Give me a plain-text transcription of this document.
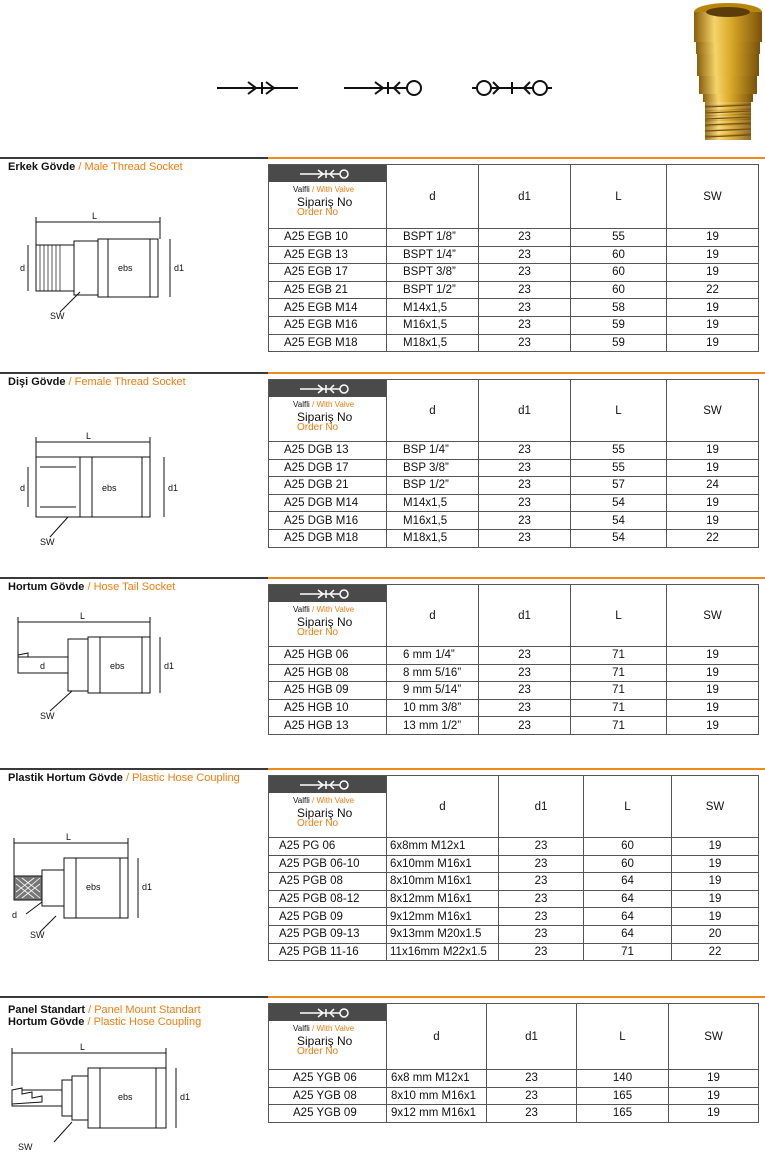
Erkek Gövde / Male Thread Socket
L
d	d1
SW
ebs
Valfli / With Valve
Sipariş No
Order No	d	d1	L	SW
A25 EGB 10	BSPT 1/8”	23	55	19
A25 EGB 13	BSPT 1/4”	23	60	19
A25 EGB 17	BSPT 3/8”	23	60	19
A25 EGB 21	BSPT 1/2”	23	60	22
A25 EGB M14	M14x1,5	23	58	19
A25 EGB M16	M16x1,5	23	59	19
A25 EGB M18	M18x1,5	23	59	19
Dişi Gövde / Female Thread Socket
L
d	d1
SW
ebs
Valfli / With Valve
Sipariş No
Order No	d	d1	L	SW
A25 DGB 13	BSP 1/4”	23	55	19
A25 DGB 17	BSP 3/8”	23	55	19
A25 DGB 21	BSP 1/2”	23	57	24
A25 DGB M14	M14x1,5	23	54	19
A25 DGB M16	M16x1,5	23	54	19
A25 DGB M18	M18x1,5	23	54	22
Hortum Gövde / Hose Tail Socket
L
d	d1
SW
ebs
Valfli / With Valve
Sipariş No
Order No	d	d1	L	SW
A25 HGB 06	6 mm 1/4”	23	71	19
A25 HGB 08	8 mm 5/16”	23	71	19
A25 HGB 09	9 mm 5/14”	23	71	19
A25 HGB 10	10 mm 3/8”	23	71	19
A25 HGB 13	13 mm 1/2”	23	71	19
Plastik Hortum Gövde / Plastic Hose Coupling
L
d
d1
SW
ebs
Valfli / With Valve
Sipariş No
Order No	d	d1	L	SW
A25 PG 06	6x8mm M12x1	23	60	19
A25 PGB 06-10	6x10mm M16x1	23	60	19
A25 PGB 08	8x10mm M16x1	23	64	19
A25 PGB 08-12	8x12mm M16x1	23	64	19
A25 PGB 09	9x12mm M16x1	23	64	19
A25 PGB 09-13	9x13mm M20x1.5	23	64	20
A25 PGB 11-16	11x16mm M22x1.5	23	71	22
Panel Standart / Panel Mount Standart
Hortum Gövde / Plastic Hose Coupling
L
d1
SW
ebs
Valfli / With Valve
Sipariş No
Order No	d	d1	L	SW
A25 YGB 06	6x8 mm M12x1	23	140	19
A25 YGB 08	8x10 mm M16x1	23	165	19
A25 YGB 09	9x12 mm M16x1	23	165	19
